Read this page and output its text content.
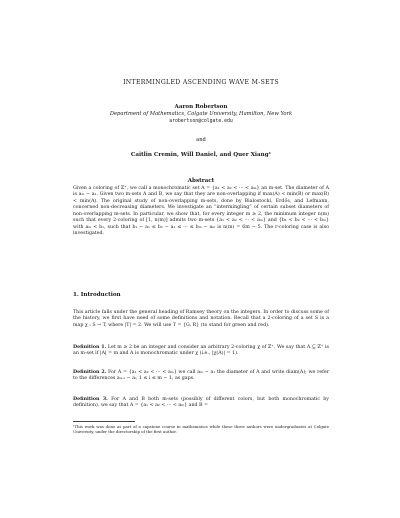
INTERMINGLED ASCENDING WAVE M-SETS
Aaron Robertson
Department of Mathematics, Colgate University, Hamilton, New York
arobertson@colgate.edu
and
Caitlin Cremin, Will Daniel, and Quer Xiang¹
Abstract
Given a coloring of ℤ⁺, we call a monochromatic set A = {a₁ < a₂ < ··· < aₘ} an m-set. The diameter of A is aₘ − a₁. Given two m-sets A and B, we say that they are non-overlapping if max(A) < min(B) or max(B) < min(A). The original study of non-overlapping m-sets, done by Bialostocki, Erdős, and Lefmann, concerned non-decreasing diameters. We investigate an “intermingling” of certain subset diameters of non-overlapping m-sets. In particular, we show that, for every integer m ≥ 2, the minimum integer n(m) such that every 2-coloring of [1, n(m)] admits two m-sets {a₁ < a₂ < ··· < aₘ} and {b₁ < b₂ < ··· < bₘ} with aₘ < b₁, such that b₁ − a₁ ≤ b₂ − a₂ ≤ ··· ≤ bₘ − aₘ is n(m) = 6m − 5. The r-coloring case is also investigated.
1. Introduction
This article falls under the general heading of Ramsey theory on the integers. In order to discuss some of the history, we first have need of some definitions and notation. Recall that a 2-coloring of a set S is a map χ : S → T, where |T| = 2. We will use T = {G, R} (to stand for green and red).
Definition 1. Let m ≥ 2 be an integer and consider an arbitrary 2-coloring χ of ℤ⁺. We say that A ⊆ ℤ⁺ is an m-set if |A| = m and A is monochromatic under χ (i.e., |χ(A)| = 1).
Definition 2. For A = {a₁ < a₂ < ··· < aₘ} we call aₘ − a₁ the diameter of A and write diam(A); we refer to the differences aᵢ₊₁ − aᵢ, 1 ≤ i ≤ m − 1, as gaps.
Definition 3. For A and B both m-sets (possibly of different colors, but both monochromatic by definition), we say that A = {a₁ < a₂ < ··· < aₘ} and B =
¹This work was done as part of a capstone course in mathematics while these three authors were undergraduates at Colgate University, under the directorship of the first author.
